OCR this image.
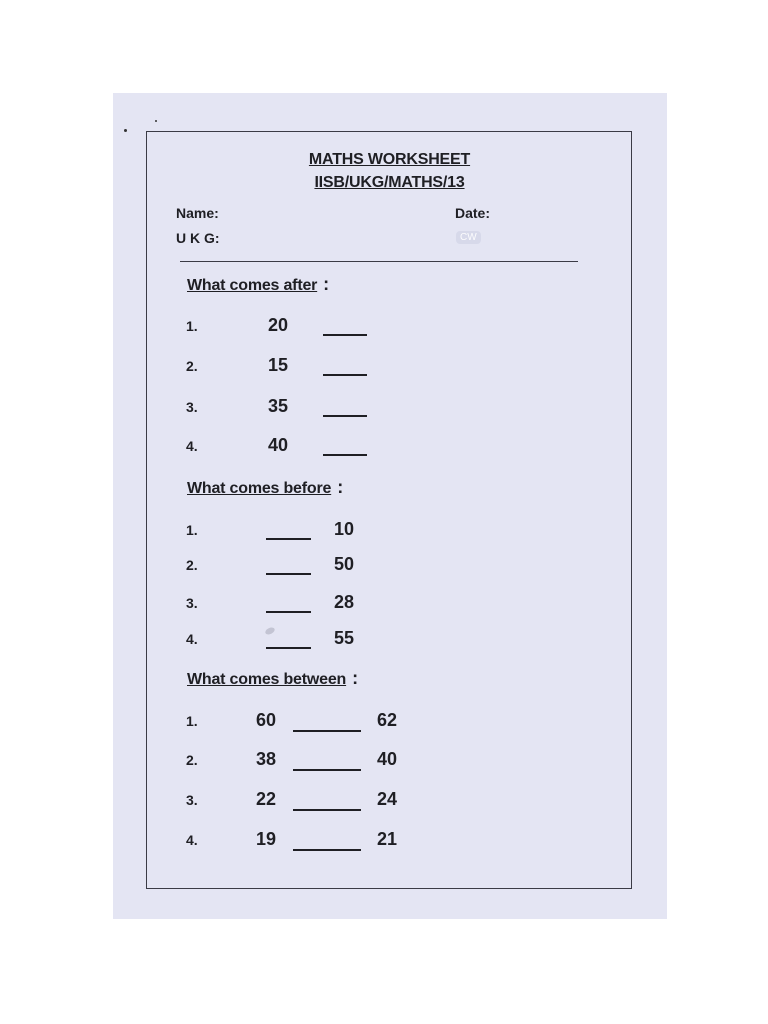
MATHS WORKSHEET
IISB/UKG/MATHS/13
Name:	Date:
U K G:	CW
What comes after :
1.	20
2.	15
3.	35
4.	40
What comes before :
1.	10
2.	50
3.	28
4.	55
What comes between :
1.	60	62
2.	38	40
3.	22	24
4.	19	21
